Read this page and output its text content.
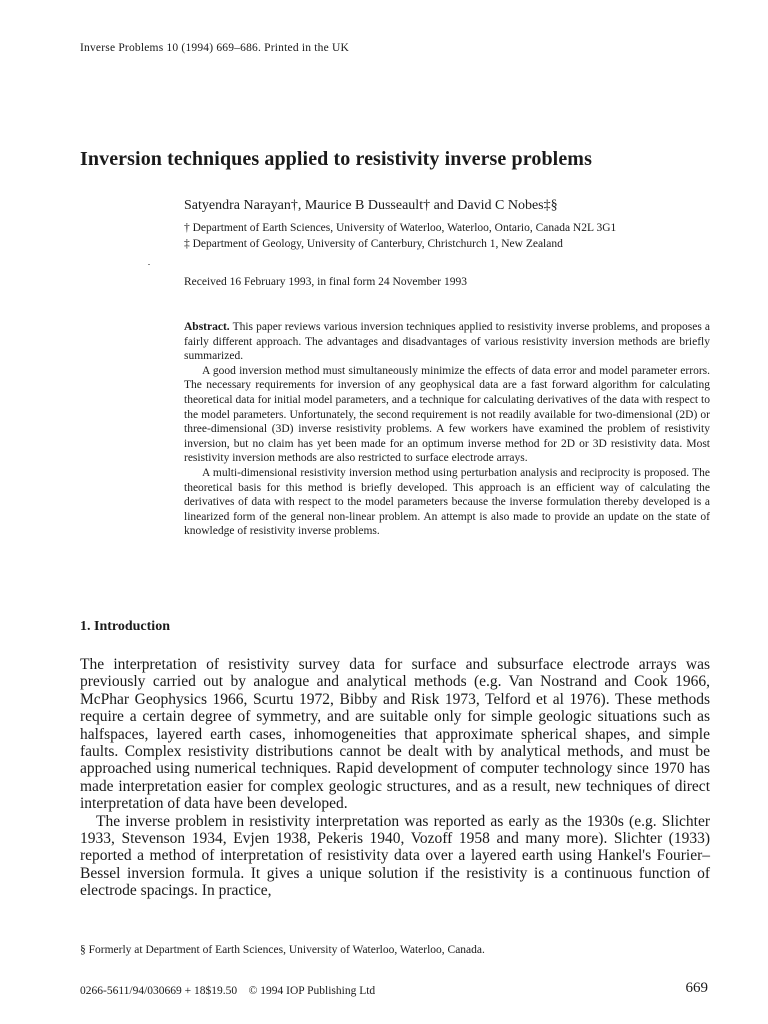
Inverse Problems 10 (1994) 669–686. Printed in the UK
Inversion techniques applied to resistivity inverse problems
Satyendra Narayan†, Maurice B Dusseault† and David C Nobes‡§
† Department of Earth Sciences, University of Waterloo, Waterloo, Ontario, Canada N2L 3G1
‡ Department of Geology, University of Canterbury, Christchurch 1, New Zealand
Received 16 February 1993, in final form 24 November 1993

Abstract. This paper reviews various inversion techniques applied to resistivity inverse problems, and proposes a fairly different approach. The advantages and disadvantages of various resistivity inversion methods are briefly summarized.

A good inversion method must simultaneously minimize the effects of data error and model parameter errors. The necessary requirements for inversion of any geophysical data are a fast forward algorithm for calculating theoretical data for initial model parameters, and a technique for calculating derivatives of the data with respect to the model parameters. Unfortunately, the second requirement is not readily available for two-dimensional (2D) or three-dimensional (3D) inverse resistivity problems. A few workers have examined the problem of resistivity inversion, but no claim has yet been made for an optimum inverse method for 2D or 3D resistivity data. Most resistivity inversion methods are also restricted to surface electrode arrays.

A multi-dimensional resistivity inversion method using perturbation analysis and reciprocity is proposed. The theoretical basis for this method is briefly developed. This approach is an efficient way of calculating the derivatives of data with respect to the model parameters because the inverse formulation thereby developed is a linearized form of the general non-linear problem. An attempt is also made to provide an update on the state of knowledge of resistivity inverse problems.

1. Introduction

The interpretation of resistivity survey data for surface and subsurface electrode arrays was previously carried out by analogue and analytical methods (e.g. Van Nostrand and Cook 1966, McPhar Geophysics 1966, Scurtu 1972, Bibby and Risk 1973, Telford et al 1976). These methods require a certain degree of symmetry, and are suitable only for simple geologic situations such as halfspaces, layered earth cases, inhomogeneities that approximate spherical shapes, and simple faults. Complex resistivity distributions cannot be dealt with by analytical methods, and must be approached using numerical techniques. Rapid development of computer technology since 1970 has made interpretation easier for complex geologic structures, and as a result, new techniques of direct interpretation of data have been developed.

The inverse problem in resistivity interpretation was reported as early as the 1930s (e.g. Slichter 1933, Stevenson 1934, Evjen 1938, Pekeris 1940, Vozoff 1958 and many more). Slichter (1933) reported a method of interpretation of resistivity data over a layered earth using Hankel's Fourier–Bessel inversion formula. It gives a unique solution if the resistivity is a continuous function of electrode spacings. In practice,

§ Formerly at Department of Earth Sciences, University of Waterloo, Waterloo, Canada.
0266-5611/94/030669 + 18$19.50 © 1994 IOP Publishing Ltd	669
